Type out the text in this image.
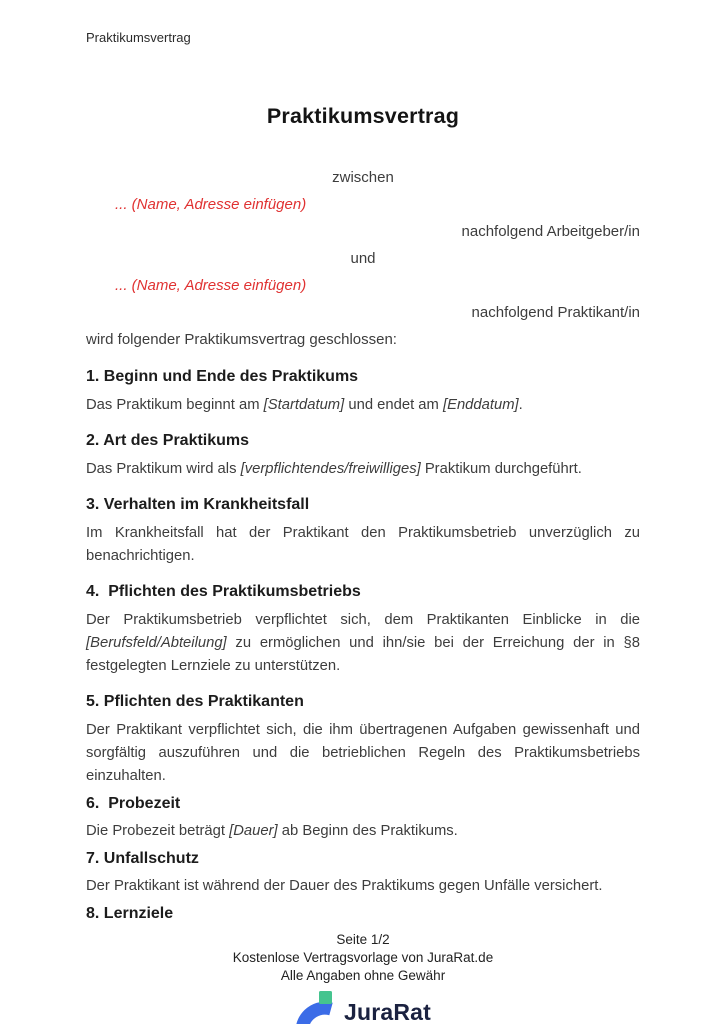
Praktikumsvertrag
Praktikumsvertrag
zwischen
... (Name, Adresse einfügen)
nachfolgend Arbeitgeber/in
und
... (Name, Adresse einfügen)
nachfolgend Praktikant/in
wird folgender Praktikumsvertrag geschlossen:
1. Beginn und Ende des Praktikums

Das Praktikum beginnt am [Startdatum] und endet am [Enddatum].

2. Art des Praktikums

Das Praktikum wird als [verpflichtendes/freiwilliges] Praktikum durchgeführt.

3. Verhalten im Krankheitsfall

Im Krankheitsfall hat der Praktikant den Praktikumsbetrieb unverzüglich zu benachrichtigen.

4.  Pflichten des Praktikumsbetriebs

Der Praktikumsbetrieb verpflichtet sich, dem Praktikanten Einblicke in die [Berufsfeld/Abteilung] zu ermöglichen und ihn/sie bei der Erreichung der in §8 festgelegten Lernziele zu unterstützen.

5. Pflichten des Praktikanten

Der Praktikant verpflichtet sich, die ihm übertragenen Aufgaben gewissenhaft und sorgfältig auszuführen und die betrieblichen Regeln des Praktikumsbetriebs einzuhalten.

6.  Probezeit

Die Probezeit beträgt [Dauer] ab Beginn des Praktikums.

7. Unfallschutz

Der Praktikant ist während der Dauer des Praktikums gegen Unfälle versichert.

8. Lernziele
Seite 1/2
Kostenlose Vertragsvorlage von JuraRat.de
Alle Angaben ohne Gewähr
JuraRat
